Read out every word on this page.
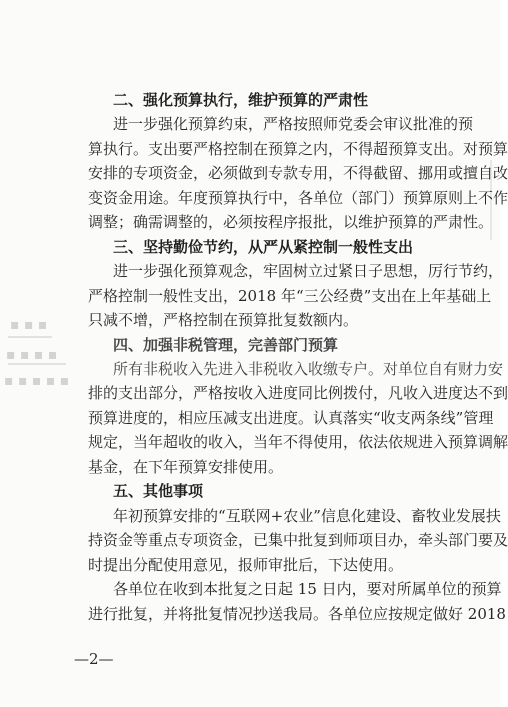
▪ ▪ ▪
▪ ▪ ▪ ▪
▪ ▪ ▪ ▪ ▪
二、强化预算执行，维护预算的严肃性
进一步强化预算约束，严格按照师党委会审议批准的预
算执行。支出要严格控制在预算之内，不得超预算支出。对预算
安排的专项资金，必须做到专款专用，不得截留、挪用或擅自改
变资金用途。年度预算执行中，各单位（部门）预算原则上不作
调整；确需调整的，必须按程序报批，以维护预算的严肃性。
三、坚持勤俭节约，从严从紧控制一般性支出
进一步强化预算观念，牢固树立过紧日子思想，厉行节约，
严格控制一般性支出，2018 年“三公经费”支出在上年基础上
只减不增，严格控制在预算批复数额内。
四、加强非税管理，完善部门预算
所有非税收入先进入非税收入收缴专户。对单位自有财力安
排的支出部分，严格按收入进度同比例拨付，凡收入进度达不到
预算进度的，相应压减支出进度。认真落实“收支两条线”管理
规定，当年超收的收入，当年不得使用，依法依规进入预算调解
基金，在下年预算安排使用。
五、其他事项
年初预算安排的“互联网+农业”信息化建设、畜牧业发展扶
持资金等重点专项资金，已集中批复到师项目办，牵头部门要及
时提出分配使用意见，报师审批后，下达使用。
各单位在收到本批复之日起 15 日内，要对所属单位的预算
进行批复，并将批复情况抄送我局。各单位应按规定做好 2018
—2—
